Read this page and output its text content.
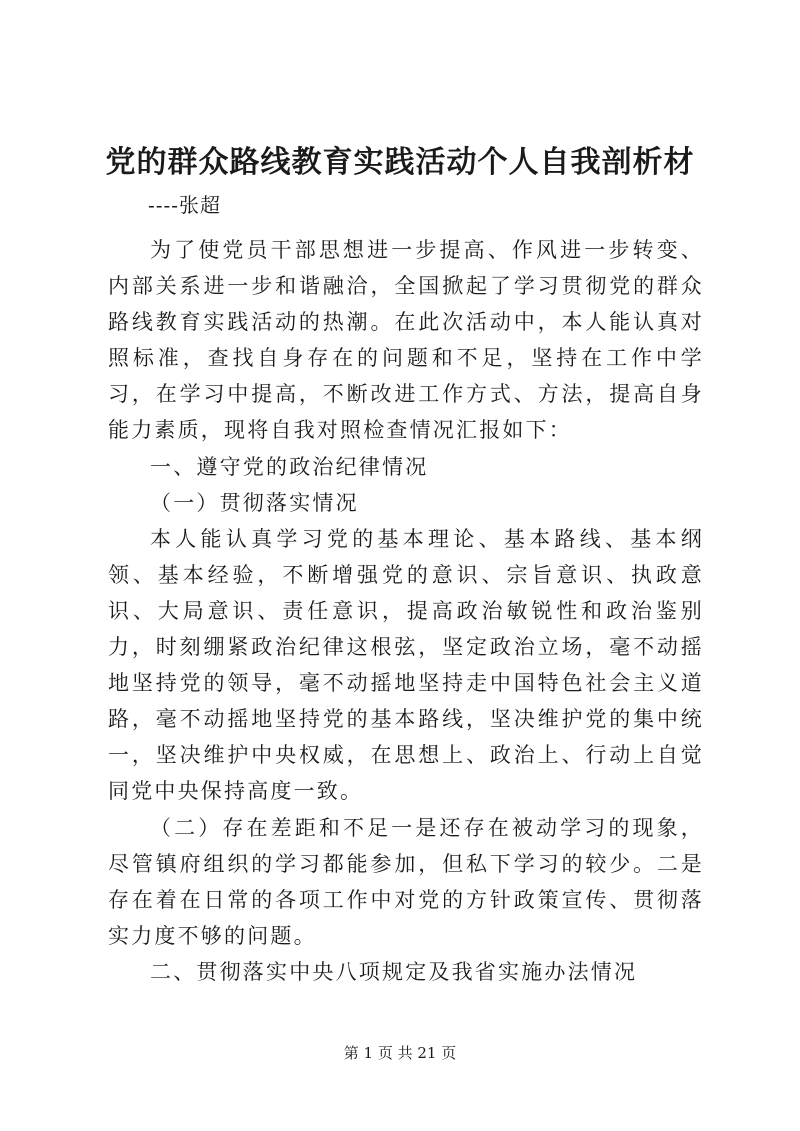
党的群众路线教育实践活动个人自我剖析材

----张超

为了使党员干部思想进一步提高、作风进一步转变、内部关系进一步和谐融洽，全国掀起了学习贯彻党的群众路线教育实践活动的热潮。在此次活动中，本人能认真对照标准，查找自身存在的问题和不足，坚持在工作中学习，在学习中提高，不断改进工作方式、方法，提高自身能力素质，现将自我对照检查情况汇报如下：

一、遵守党的政治纪律情况

（一）贯彻落实情况

本人能认真学习党的基本理论、基本路线、基本纲领、基本经验，不断增强党的意识、宗旨意识、执政意识、大局意识、责任意识，提高政治敏锐性和政治鉴别力，时刻绷紧政治纪律这根弦，坚定政治立场，毫不动摇地坚持党的领导，毫不动摇地坚持走中国特色社会主义道路，毫不动摇地坚持党的基本路线，坚决维护党的集中统一，坚决维护中央权威，在思想上、政治上、行动上自觉同党中央保持高度一致。

（二）存在差距和不足一是还存在被动学习的现象，尽管镇府组织的学习都能参加，但私下学习的较少。二是存在着在日常的各项工作中对党的方针政策宣传、贯彻落实力度不够的问题。

二、贯彻落实中央八项规定及我省实施办法情况

第 1 页 共 21 页
